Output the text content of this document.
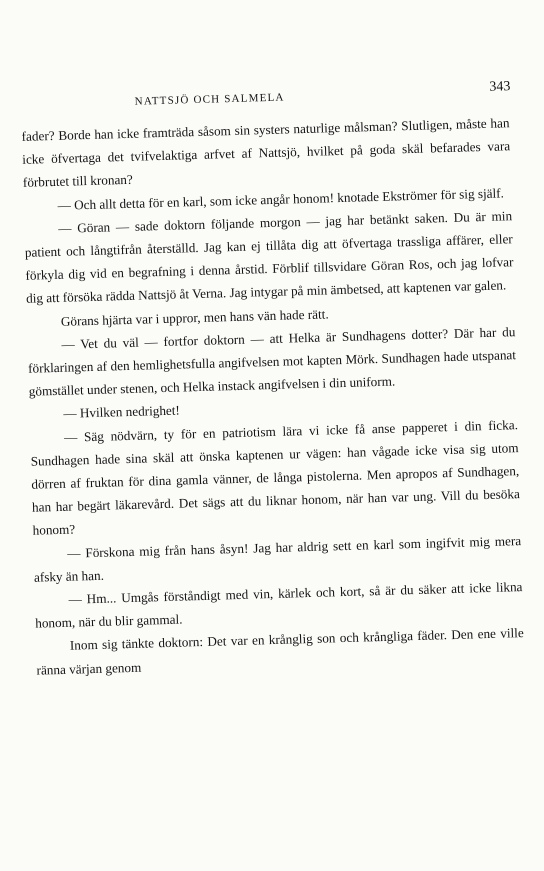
NATTSJÖ OCH SALMELA
343

fader? Borde han icke framträda såsom sin systers naturlige målsman? Slutligen, måste han icke öfvertaga det tvifvelaktiga arfvet af Nattsjö, hvilket på goda skäl befarades vara förbrutet till kronan?

— Och allt detta för en karl, som icke angår honom! knotade Ekströmer för sig själf.

— Göran — sade doktorn följande morgon — jag har betänkt saken. Du är min patient och långtifrån återställd. Jag kan ej tillåta dig att öfvertaga trassliga affärer, eller förkyla dig vid en begrafning i denna årstid. Förblif tillsvidare Göran Ros, och jag lofvar dig att försöka rädda Nattsjö åt Verna. Jag intygar på min ämbetsed, att kaptenen var galen.

Görans hjärta var i uppror, men hans vän hade rätt.

— Vet du väl — fortfor doktorn — att Helka är Sundhagens dotter? Där har du förklaringen af den hemlighetsfulla angifvelsen mot kapten Mörk. Sundhagen hade utspanat gömstället under stenen, och Helka instack angifvelsen i din uniform.

— Hvilken nedrighet!

— Säg nödvärn, ty för en patriotism lära vi icke få anse papperet i din ficka. Sundhagen hade sina skäl att önska kaptenen ur vägen: han vågade icke visa sig utom dörren af fruktan för dina gamla vänner, de långa pistolerna. Men apropos af Sundhagen, han har begärt läkarevård. Det sägs att du liknar honom, när han var ung. Vill du besöka honom?

— Förskona mig från hans åsyn! Jag har aldrig sett en karl som ingifvit mig mera afsky än han.

— Hm... Umgås förståndigt med vin, kärlek och kort, så är du säker att icke likna honom, när du blir gammal.

Inom sig tänkte doktorn: Det var en krånglig son och krångliga fäder. Den ene ville ränna värjan genom
